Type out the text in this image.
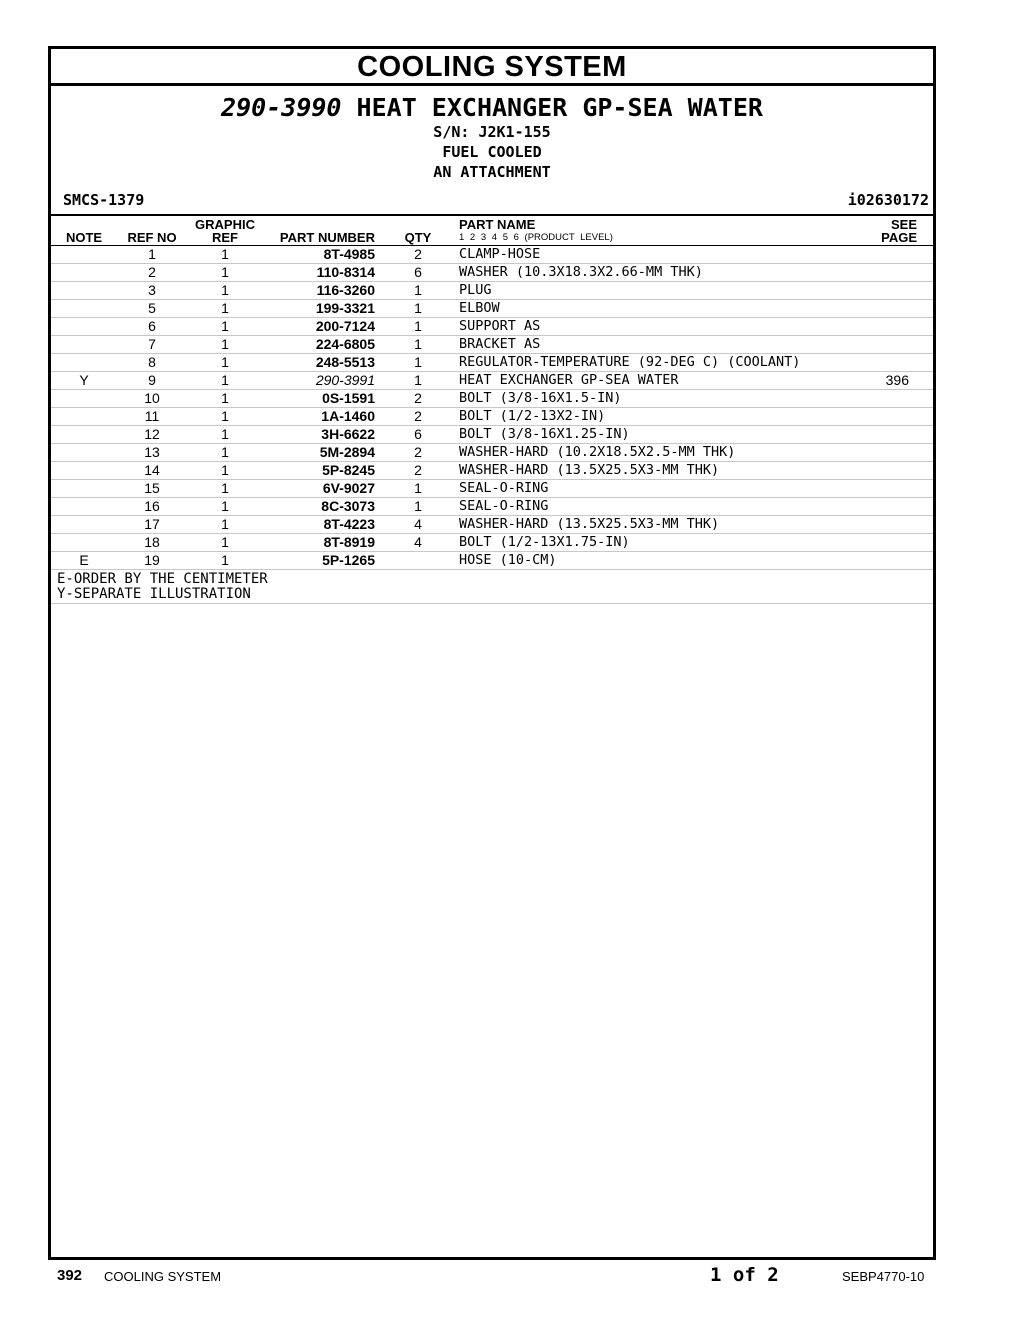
COOLING SYSTEM
290-3990 HEAT EXCHANGER GP-SEA WATER
S/N: J2K1-155
FUEL COOLED
AN ATTACHMENT
SMCS-1379	i02630172
NOTE	REF NO	GRAPHIC REF	PART NUMBER	QTY	PART NAME
1 2 3 4 5 6 (PRODUCT LEVEL)	SEE PAGE
	1	1	8T-4985	2	CLAMP-HOSE	
	2	1	110-8314	6	WASHER (10.3X18.3X2.66-MM THK)	
	3	1	116-3260	1	PLUG	
	5	1	199-3321	1	ELBOW	
	6	1	200-7124	1	SUPPORT AS	
	7	1	224-6805	1	BRACKET AS	
	8	1	248-5513	1	REGULATOR-TEMPERATURE (92-DEG C) (COOLANT)	
Y	9	1	290-3991	1	HEAT EXCHANGER GP-SEA WATER	396
	10	1	0S-1591	2	BOLT (3/8-16X1.5-IN)	
	11	1	1A-1460	2	BOLT (1/2-13X2-IN)	
	12	1	3H-6622	6	BOLT (3/8-16X1.25-IN)	
	13	1	5M-2894	2	WASHER-HARD (10.2X18.5X2.5-MM THK)	
	14	1	5P-8245	2	WASHER-HARD (13.5X25.5X3-MM THK)	
	15	1	6V-9027	1	SEAL-O-RING	
	16	1	8C-3073	1	SEAL-O-RING	
	17	1	8T-4223	4	WASHER-HARD (13.5X25.5X3-MM THK)	
	18	1	8T-8919	4	BOLT (1/2-13X1.75-IN)	
E	19	1	5P-1265		HOSE (10-CM)	
E-ORDER BY THE CENTIMETER
Y-SEPARATE ILLUSTRATION
392 COOLING SYSTEM	1 of 2	SEBP4770-10
